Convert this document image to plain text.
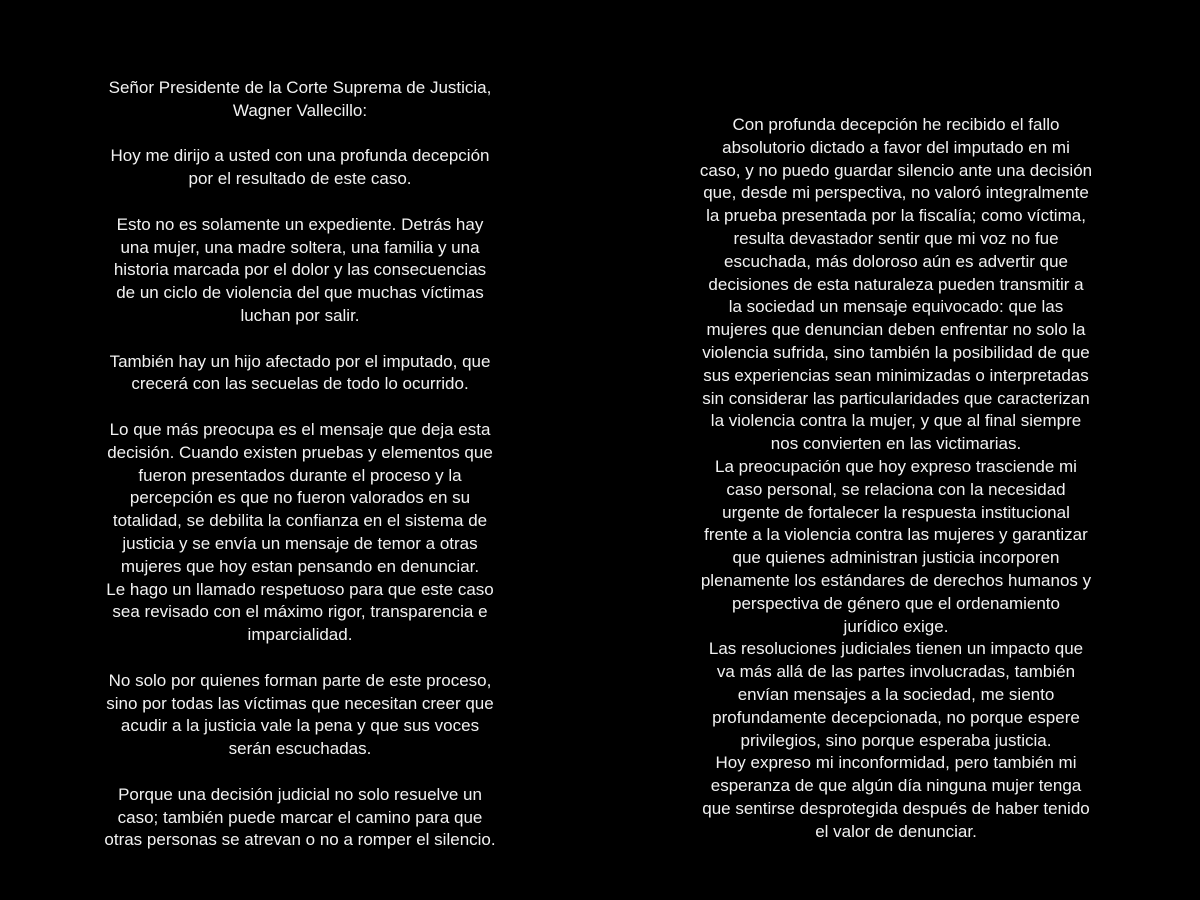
Señor Presidente de la Corte Suprema de Justicia,
Wagner Vallecillo:

Hoy me dirijo a usted con una profunda decepción
por el resultado de este caso.

Esto no es solamente un expediente. Detrás hay
una mujer, una madre soltera, una familia y una
historia marcada por el dolor y las consecuencias
de un ciclo de violencia del que muchas víctimas
luchan por salir.

También hay un hijo afectado por el imputado, que
crecerá con las secuelas de todo lo ocurrido.

Lo que más preocupa es el mensaje que deja esta
decisión. Cuando existen pruebas y elementos que
fueron presentados durante el proceso y la
percepción es que no fueron valorados en su
totalidad, se debilita la confianza en el sistema de
justicia y se envía un mensaje de temor a otras
mujeres que hoy estan pensando en denunciar.
Le hago un llamado respetuoso para que este caso
sea revisado con el máximo rigor, transparencia e
imparcialidad.

No solo por quienes forman parte de este proceso,
sino por todas las víctimas que necesitan creer que
acudir a la justicia vale la pena y que sus voces
serán escuchadas.

Porque una decisión judicial no solo resuelve un
caso; también puede marcar el camino para que
otras personas se atrevan o no a romper el silencio.

Con profunda decepción he recibido el fallo
absolutorio dictado a favor del imputado en mi
caso, y no puedo guardar silencio ante una decisión
que, desde mi perspectiva, no valoró integralmente
la prueba presentada por la fiscalía; como víctima,
resulta devastador sentir que mi voz no fue
escuchada, más doloroso aún es advertir que
decisiones de esta naturaleza pueden transmitir a
la sociedad un mensaje equivocado: que las
mujeres que denuncian deben enfrentar no solo la
violencia sufrida, sino también la posibilidad de que
sus experiencias sean minimizadas o interpretadas
sin considerar las particularidades que caracterizan
la violencia contra la mujer, y que al final siempre
nos convierten en las victimarias.

La preocupación que hoy expreso trasciende mi
caso personal, se relaciona con la necesidad
urgente de fortalecer la respuesta institucional
frente a la violencia contra las mujeres y garantizar
que quienes administran justicia incorporen
plenamente los estándares de derechos humanos y
perspectiva de género que el ordenamiento
jurídico exige.

Las resoluciones judiciales tienen un impacto que
va más allá de las partes involucradas, también
envían mensajes a la sociedad, me siento
profundamente decepcionada, no porque espere
privilegios, sino porque esperaba justicia.

Hoy expreso mi inconformidad, pero también mi
esperanza de que algún día ninguna mujer tenga
que sentirse desprotegida después de haber tenido
el valor de denunciar.
